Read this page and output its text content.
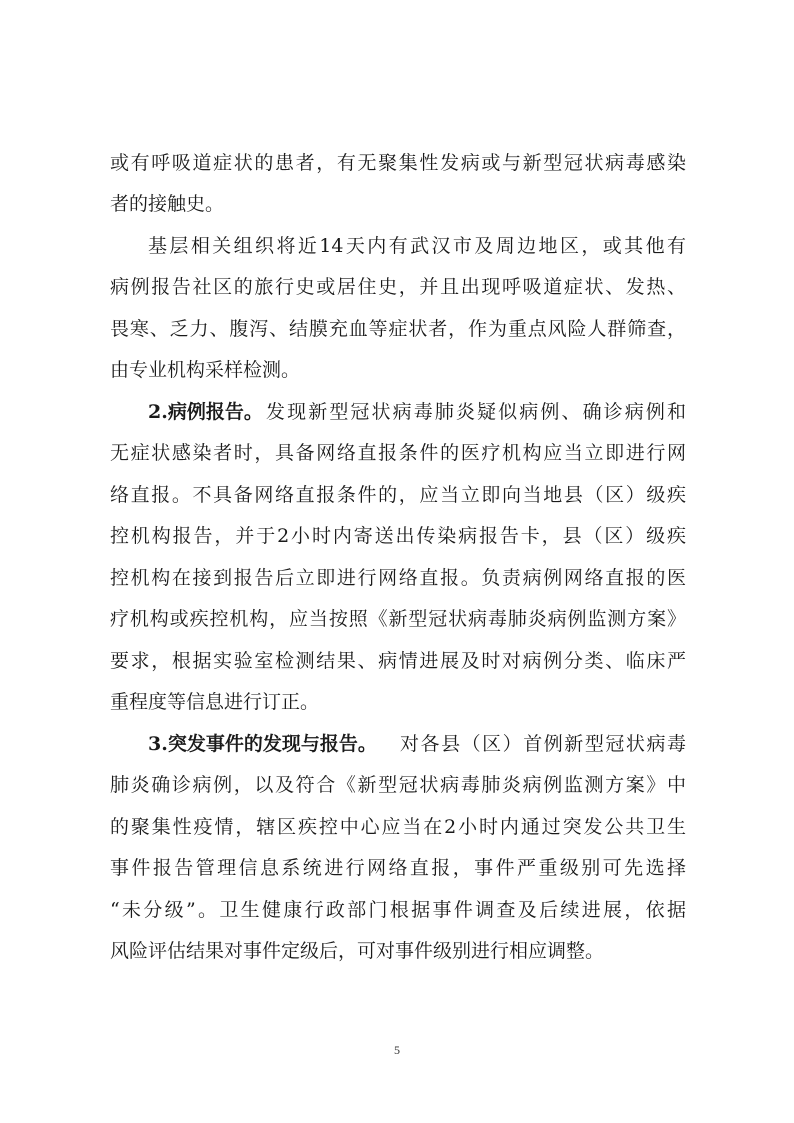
或有呼吸道症状的患者，有无聚集性发病或与新型冠状病毒感染
者的接触史。
基层相关组织将近14天内有武汉市及周边地区，或其他有
病例报告社区的旅行史或居住史，并且出现呼吸道症状、发热、
畏寒、乏力、腹泻、结膜充血等症状者，作为重点风险人群筛查，
由专业机构采样检测。
2.病例报告。 发现新型冠状病毒肺炎疑似病例、确诊病例和
无症状感染者时，具备网络直报条件的医疗机构应当立即进行网
络直报。不具备网络直报条件的，应当立即向当地县（区）级疾
控机构报告，并于2小时内寄送出传染病报告卡，县（区）级疾
控机构在接到报告后立即进行网络直报。负责病例网络直报的医
疗机构或疾控机构，应当按照《新型冠状病毒肺炎病例监测方案》
要求，根据实验室检测结果、病情进展及时对病例分类、临床严
重程度等信息进行订正。
3.突发事件的发现与报告。 对各县（区）首例新型冠状病毒
肺炎确诊病例，以及符合《新型冠状病毒肺炎病例监测方案》中
的聚集性疫情，辖区疾控中心应当在2小时内通过突发公共卫生
事件报告管理信息系统进行网络直报，事件严重级别可先选择
“未分级”。卫生健康行政部门根据事件调查及后续进展，依据
风险评估结果对事件定级后，可对事件级别进行相应调整。
5
